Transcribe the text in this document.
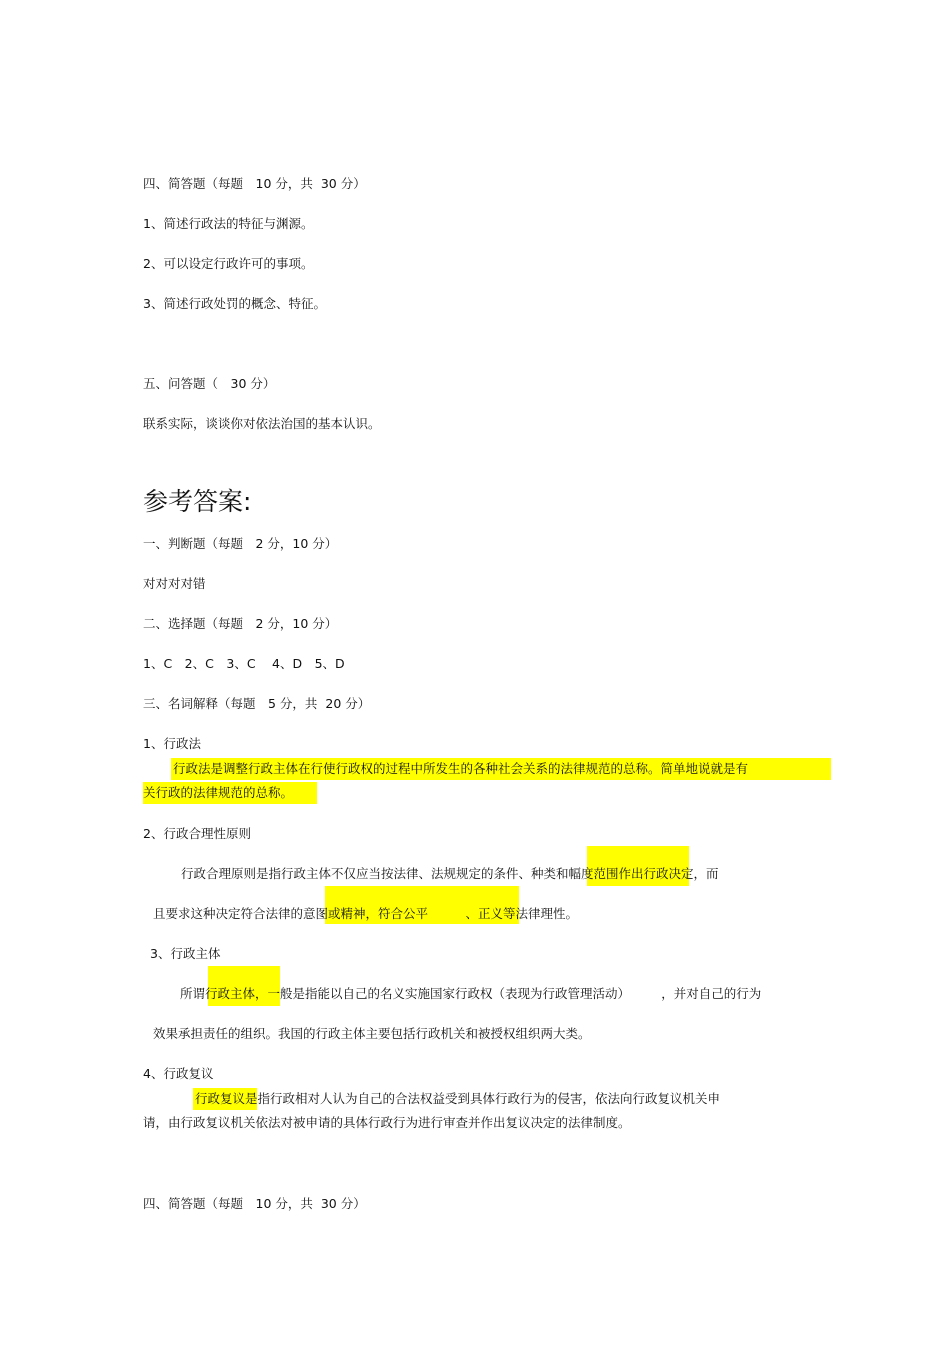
四、简答题（每题　10 分，共  30 分）
1、简述行政法的特征与渊源。
2、可以设定行政许可的事项。
3、简述行政处罚的概念、特征。
五、问答题（　30 分）
联系实际，谈谈你对依法治国的基本认识。
参考答案:
一、判断题（每题　2 分，10 分）
对对对对错
二、选择题（每题　2 分，10 分）
1、C　2、C　3、C　 4、D　5、D
三、名词解释（每题　5 分，共  20 分）
1、行政法
行政法是调整行政主体在行使行政权的过程中所发生的各种社会关系的法律规范的总称。简单地说就是有
关行政的法律规范的总称。
2、行政合理性原则
行政合理原则是指行政主体不仅应当按法律、法规规定的条件、种类和幅度范围作出行政决定，而
且要求这种决定符合法律的意图或精神，符合公平　　　、正义等法律理性。
3、行政主体
所谓行政主体，一般是指能以自己的名义实施国家行政权（表现为行政管理活动）　　　，并对自己的行为
效果承担责任的组织。我国的行政主体主要包括行政机关和被授权组织两大类。
4、行政复议
行政复议是指行政相对人认为自己的合法权益受到具体行政行为的侵害，依法向行政复议机关申
请，由行政复议机关依法对被申请的具体行政行为进行审查并作出复议决定的法律制度。
四、简答题（每题　10 分，共  30 分）
